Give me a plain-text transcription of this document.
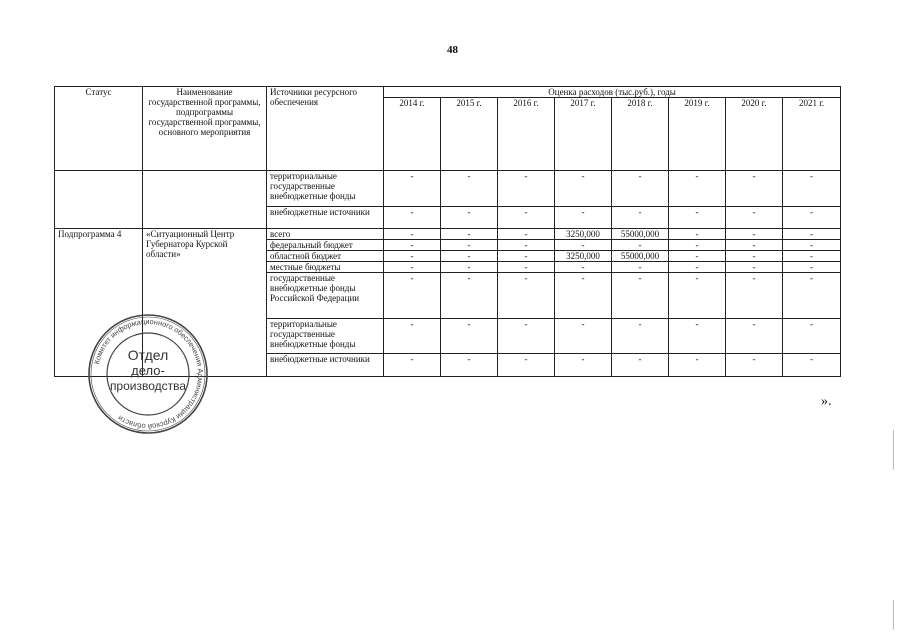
48
Статус	Наименование государственной программы, подпрограммы государственной программы, основного мероприятия	Источники ресурсного обеспечения	Оценка расходов (тыс.руб.), годы							
			2014 г.	2015 г.	2016 г.	2017 г.	2018 г.	2019 г.	2020 г.	2021 г.
		территориальные государственные внебюджетные фонды	-	-	-	-	-	-	-	-
		внебюджетные источники	-	-	-	-	-	-	-	-
Подпрограмма 4	«Ситуационный Центр Губернатора Курской области»	всего	-	-	-	3250,000	55000,000	-	-	-
		федеральный бюджет	-	-	-	-	-	-	-	-
		областной бюджет	-	-	-	3250,000	55000,000	-	-	-
		местные бюджеты	-	-	-	-	-	-	-	-
		государственные внебюджетные фонды Российской Федерации	-	-	-	-	-	-	-	-
		территориальные государственные внебюджетные фонды	-	-	-	-	-	-	-	-
		внебюджетные источники	-	-	-	-	-	-	-	-
».
Комитет информационного обеспечения Администрации Курской области
Отдел
дело-
производства
